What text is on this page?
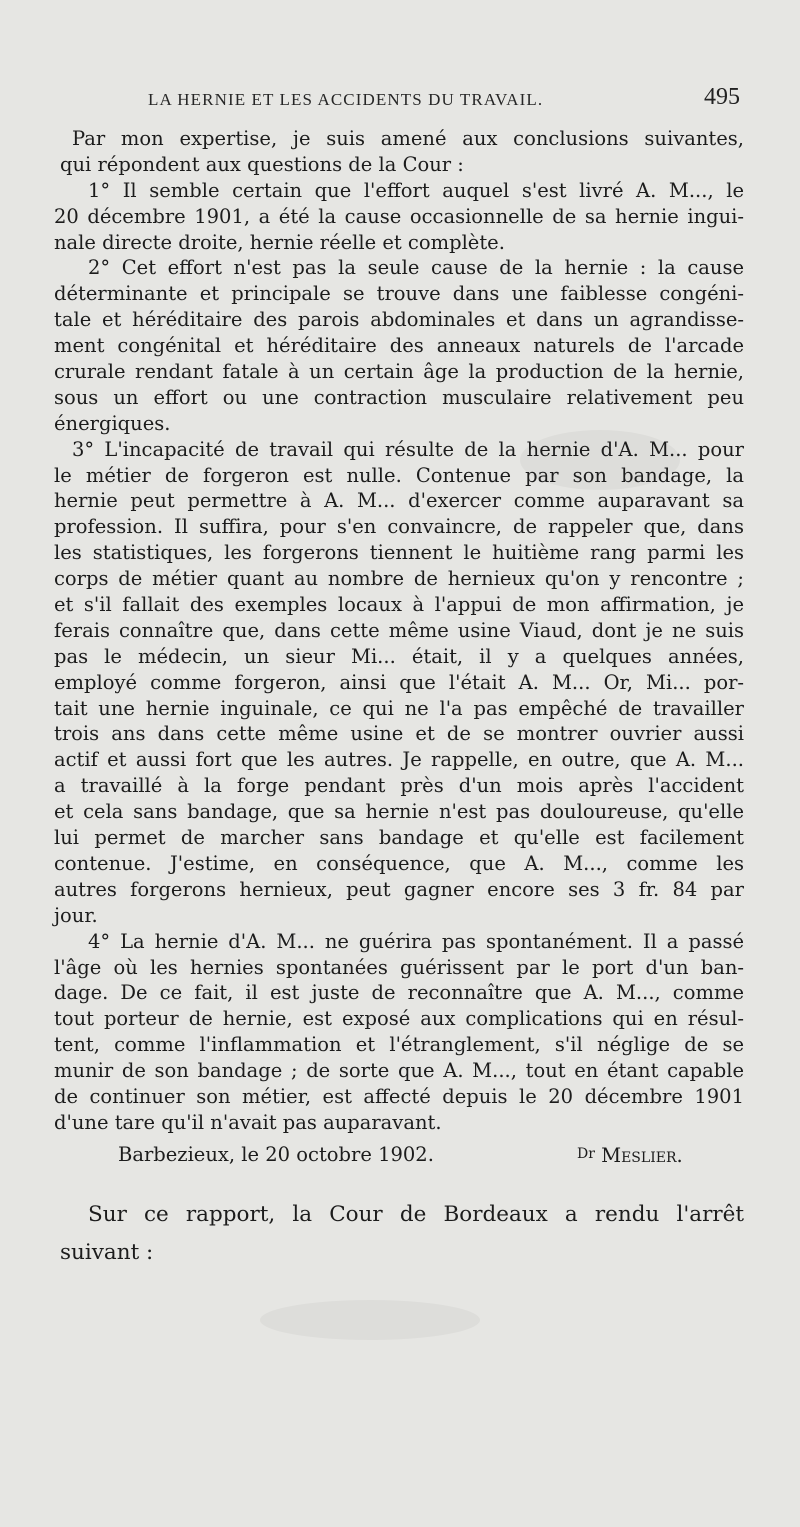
LA HERNIE ET LES ACCIDENTS DU TRAVAIL.	495
Par mon expertise, je suis amené aux conclusions suivantes,
qui répondent aux questions de la Cour :
1° Il semble certain que l'effort auquel s'est livré A. M..., le
20 décembre 1901, a été la cause occasionnelle de sa hernie ingui-
nale directe droite, hernie réelle et complète.
2° Cet effort n'est pas la seule cause de la hernie : la cause
déterminante et principale se trouve dans une faiblesse congéni-
tale et héréditaire des parois abdominales et dans un agrandisse-
ment congénital et héréditaire des anneaux naturels de l'arcade
crurale rendant fatale à un certain âge la production de la hernie,
sous un effort ou une contraction musculaire relativement peu
énergiques.
3° L'incapacité de travail qui résulte de la hernie d'A. M... pour
le métier de forgeron est nulle. Contenue par son bandage, la
hernie peut permettre à A. M... d'exercer comme auparavant sa
profession. Il suffira, pour s'en convaincre, de rappeler que, dans
les statistiques, les forgerons tiennent le huitième rang parmi les
corps de métier quant au nombre de hernieux qu'on y rencontre ;
et s'il fallait des exemples locaux à l'appui de mon affirmation, je
ferais connaître que, dans cette même usine Viaud, dont je ne suis
pas le médecin, un sieur Mi... était, il y a quelques années,
employé comme forgeron, ainsi que l'était A. M... Or, Mi... por-
tait une hernie inguinale, ce qui ne l'a pas empêché de travailler
trois ans dans cette même usine et de se montrer ouvrier aussi
actif et aussi fort que les autres. Je rappelle, en outre, que A. M...
a travaillé à la forge pendant près d'un mois après l'accident
et cela sans bandage, que sa hernie n'est pas douloureuse, qu'elle
lui permet de marcher sans bandage et qu'elle est facilement
contenue. J'estime, en conséquence, que A. M..., comme les
autres forgerons hernieux, peut gagner encore ses 3 fr. 84 par
jour.
4° La hernie d'A. M... ne guérira pas spontanément. Il a passé
l'âge où les hernies spontanées guérissent par le port d'un ban-
dage. De ce fait, il est juste de reconnaître que A. M..., comme
tout porteur de hernie, est exposé aux complications qui en résul-
tent, comme l'inflammation et l'étranglement, s'il néglige de se
munir de son bandage ; de sorte que A. M..., tout en étant capable
de continuer son métier, est affecté depuis le 20 décembre 1901
d'une tare qu'il n'avait pas auparavant.
Barbezieux, le 20 octobre 1902.	$^{Dr}$ Meslier.
Sur ce rapport, la Cour de Bordeaux a rendu l'arrêt
suivant :
